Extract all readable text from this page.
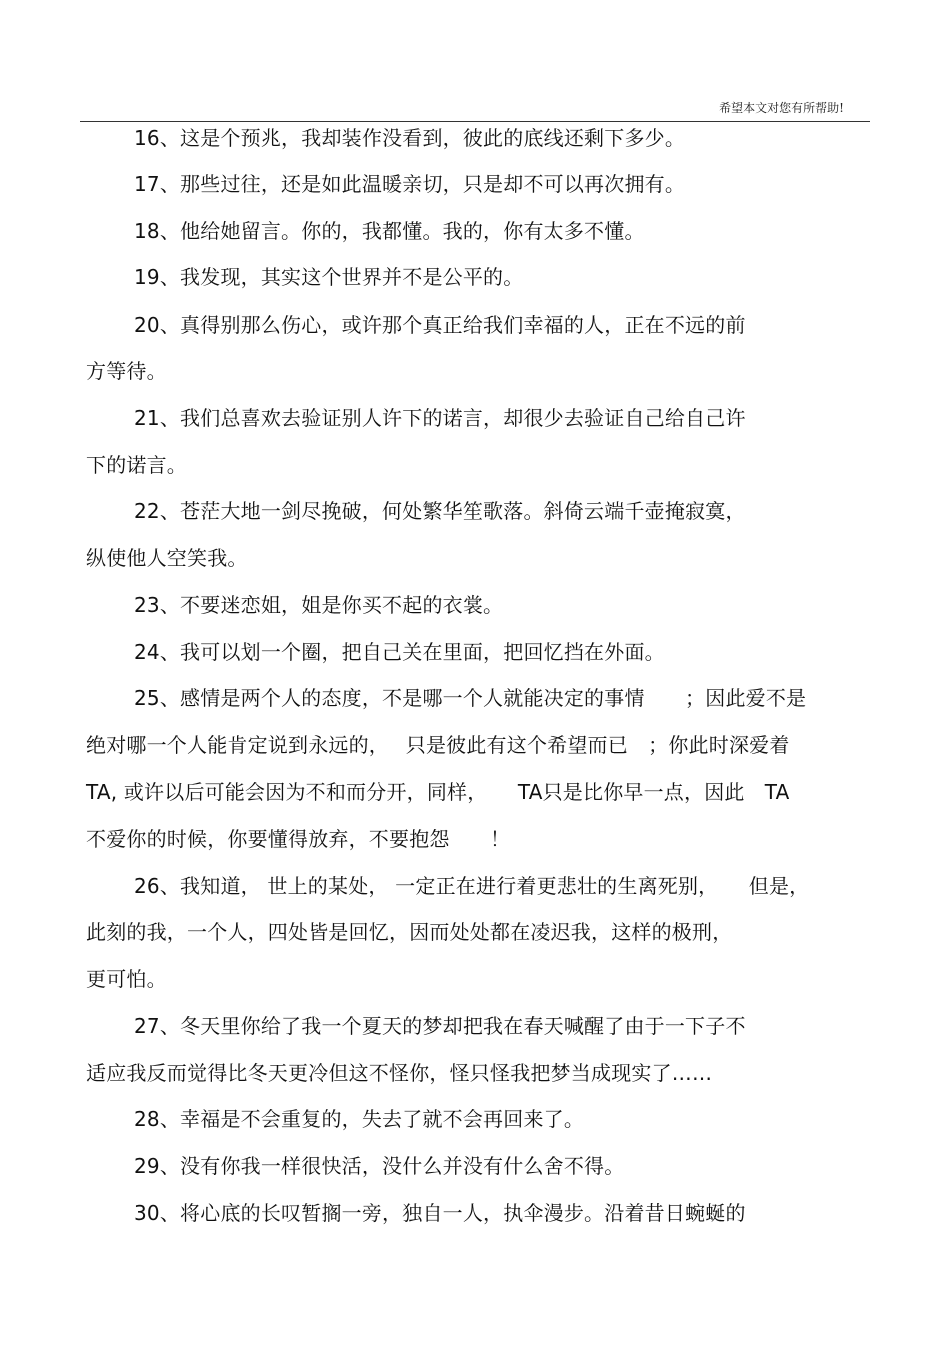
希望本文对您有所帮助!
16、这是个预兆，我却装作没看到，彼此的底线还剩下多少。
17、那些过往，还是如此温暖亲切，只是却不可以再次拥有。
18、他给她留言。你的，我都懂。我的，你有太多不懂。
19、我发现，其实这个世界并不是公平的。
20、真得别那么伤心，或许那个真正给我们幸福的人，正在不远的前
方等待。
21、我们总喜欢去验证别人许下的诺言，却很少去验证自己给自己许
下的诺言。
22、苍茫大地一剑尽挽破，何处繁华笙歌落。斜倚云端千壶掩寂寞，
纵使他人空笑我。
23、不要迷恋姐，姐是你买不起的衣裳。
24、我可以划一个圈，把自己关在里面，把回忆挡在外面。
25、感情是两个人的态度，不是哪一个人就能决定的事情　　；因此爱不是
绝对哪一个人能肯定说到永远的，　 只是彼此有这个希望而已　；你此时深爱着
TA, 或许以后可能会因为不和而分开，同样，　　TA只是比你早一点，因此　TA
不爱你的时候，你要懂得放弃，不要抱怨　　！
26、我知道， 世上的某处， 一定正在进行着更悲壮的生离死别，　　但是，
此刻的我，一个人，四处皆是回忆，因而处处都在凌迟我，这样的极刑，
更可怕。
27、冬天里你给了我一个夏天的梦却把我在春天喊醒了由于一下子不
适应我反而觉得比冬天更冷但这不怪你，怪只怪我把梦当成现实了……
28、幸福是不会重复的，失去了就不会再回来了。
29、没有你我一样很快活，没什么并没有什么舍不得。
30、将心底的长叹暂搁一旁，独自一人，执伞漫步。沿着昔日蜿蜒的
